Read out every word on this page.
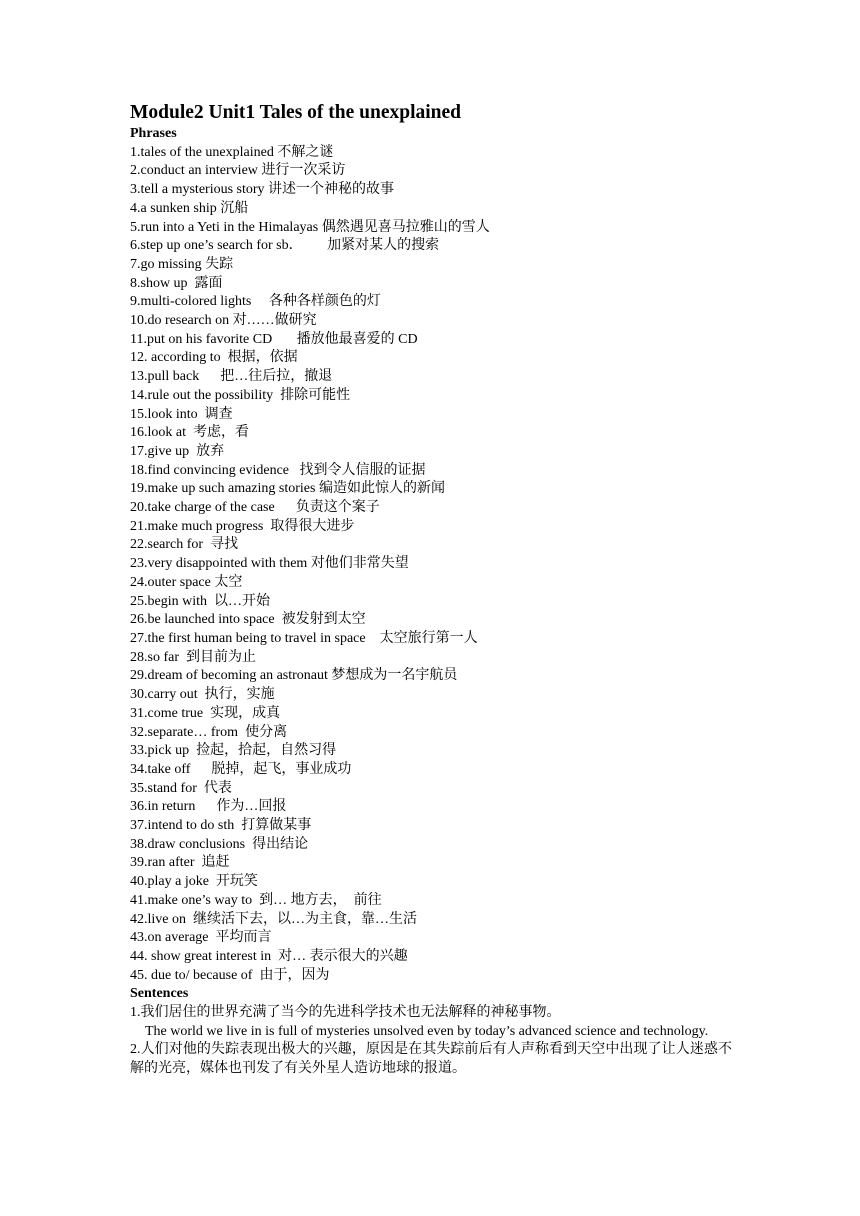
Module2 Unit1 Tales of the unexplained
Phrases
1.tales of the unexplained 不解之谜
2.conduct an interview 进行一次采访
3.tell a mysterious story 讲述一个神秘的故事
4.a sunken ship 沉船
5.run into a Yeti in the Himalayas 偶然遇见喜马拉雅山的雪人
6.step up one’s search for sb．       加紧对某人的搜索
7.go missing 失踪
8.show up  露面
9.multi-colored lights     各种各样颜色的灯
10.do research on 对……做研究
11.put on his favorite CD       播放他最喜爱的 CD
12. according to  根据，依据
13.pull back      把…往后拉，撤退
14.rule out the possibility  排除可能性
15.look into  调查
16.look at  考虑，看
17.give up  放弃
18.find convincing evidence   找到令人信服的证据
19.make up such amazing stories 编造如此惊人的新闻
20.take charge of the case      负责这个案子
21.make much progress  取得很大进步
22.search for  寻找
23.very disappointed with them 对他们非常失望
24.outer space 太空
25.begin with  以…开始
26.be launched into space  被发射到太空
27.the first human being to travel in space    太空旅行第一人
28.so far  到目前为止
29.dream of becoming an astronaut 梦想成为一名宇航员
30.carry out  执行，实施
31.come true  实现，成真
32.separate… from  使分离
33.pick up  捡起，拾起，自然习得
34.take off      脱掉，起飞，事业成功
35.stand for  代表
36.in return      作为…回报
37.intend to do sth  打算做某事
38.draw conclusions  得出结论
39.ran after  追赶
40.play a joke  开玩笑
41.make one’s way to  到… 地方去，  前往
42.live on  继续活下去，以…为主食，靠…生活
43.on average  平均而言
44. show great interest in  对… 表示很大的兴趣
45. due to/ because of  由于，因为
Sentences

1.我们居住的世界充满了当今的先进科学技术也无法解释的神秘事物。

The world we live in is full of mysteries unsolved even by today’s advanced science and technology.

2.人们对他的失踪表现出极大的兴趣，原因是在其失踪前后有人声称看到天空中出现了让人迷惑不解的光亮，媒体也刊发了有关外星人造访地球的报道。
